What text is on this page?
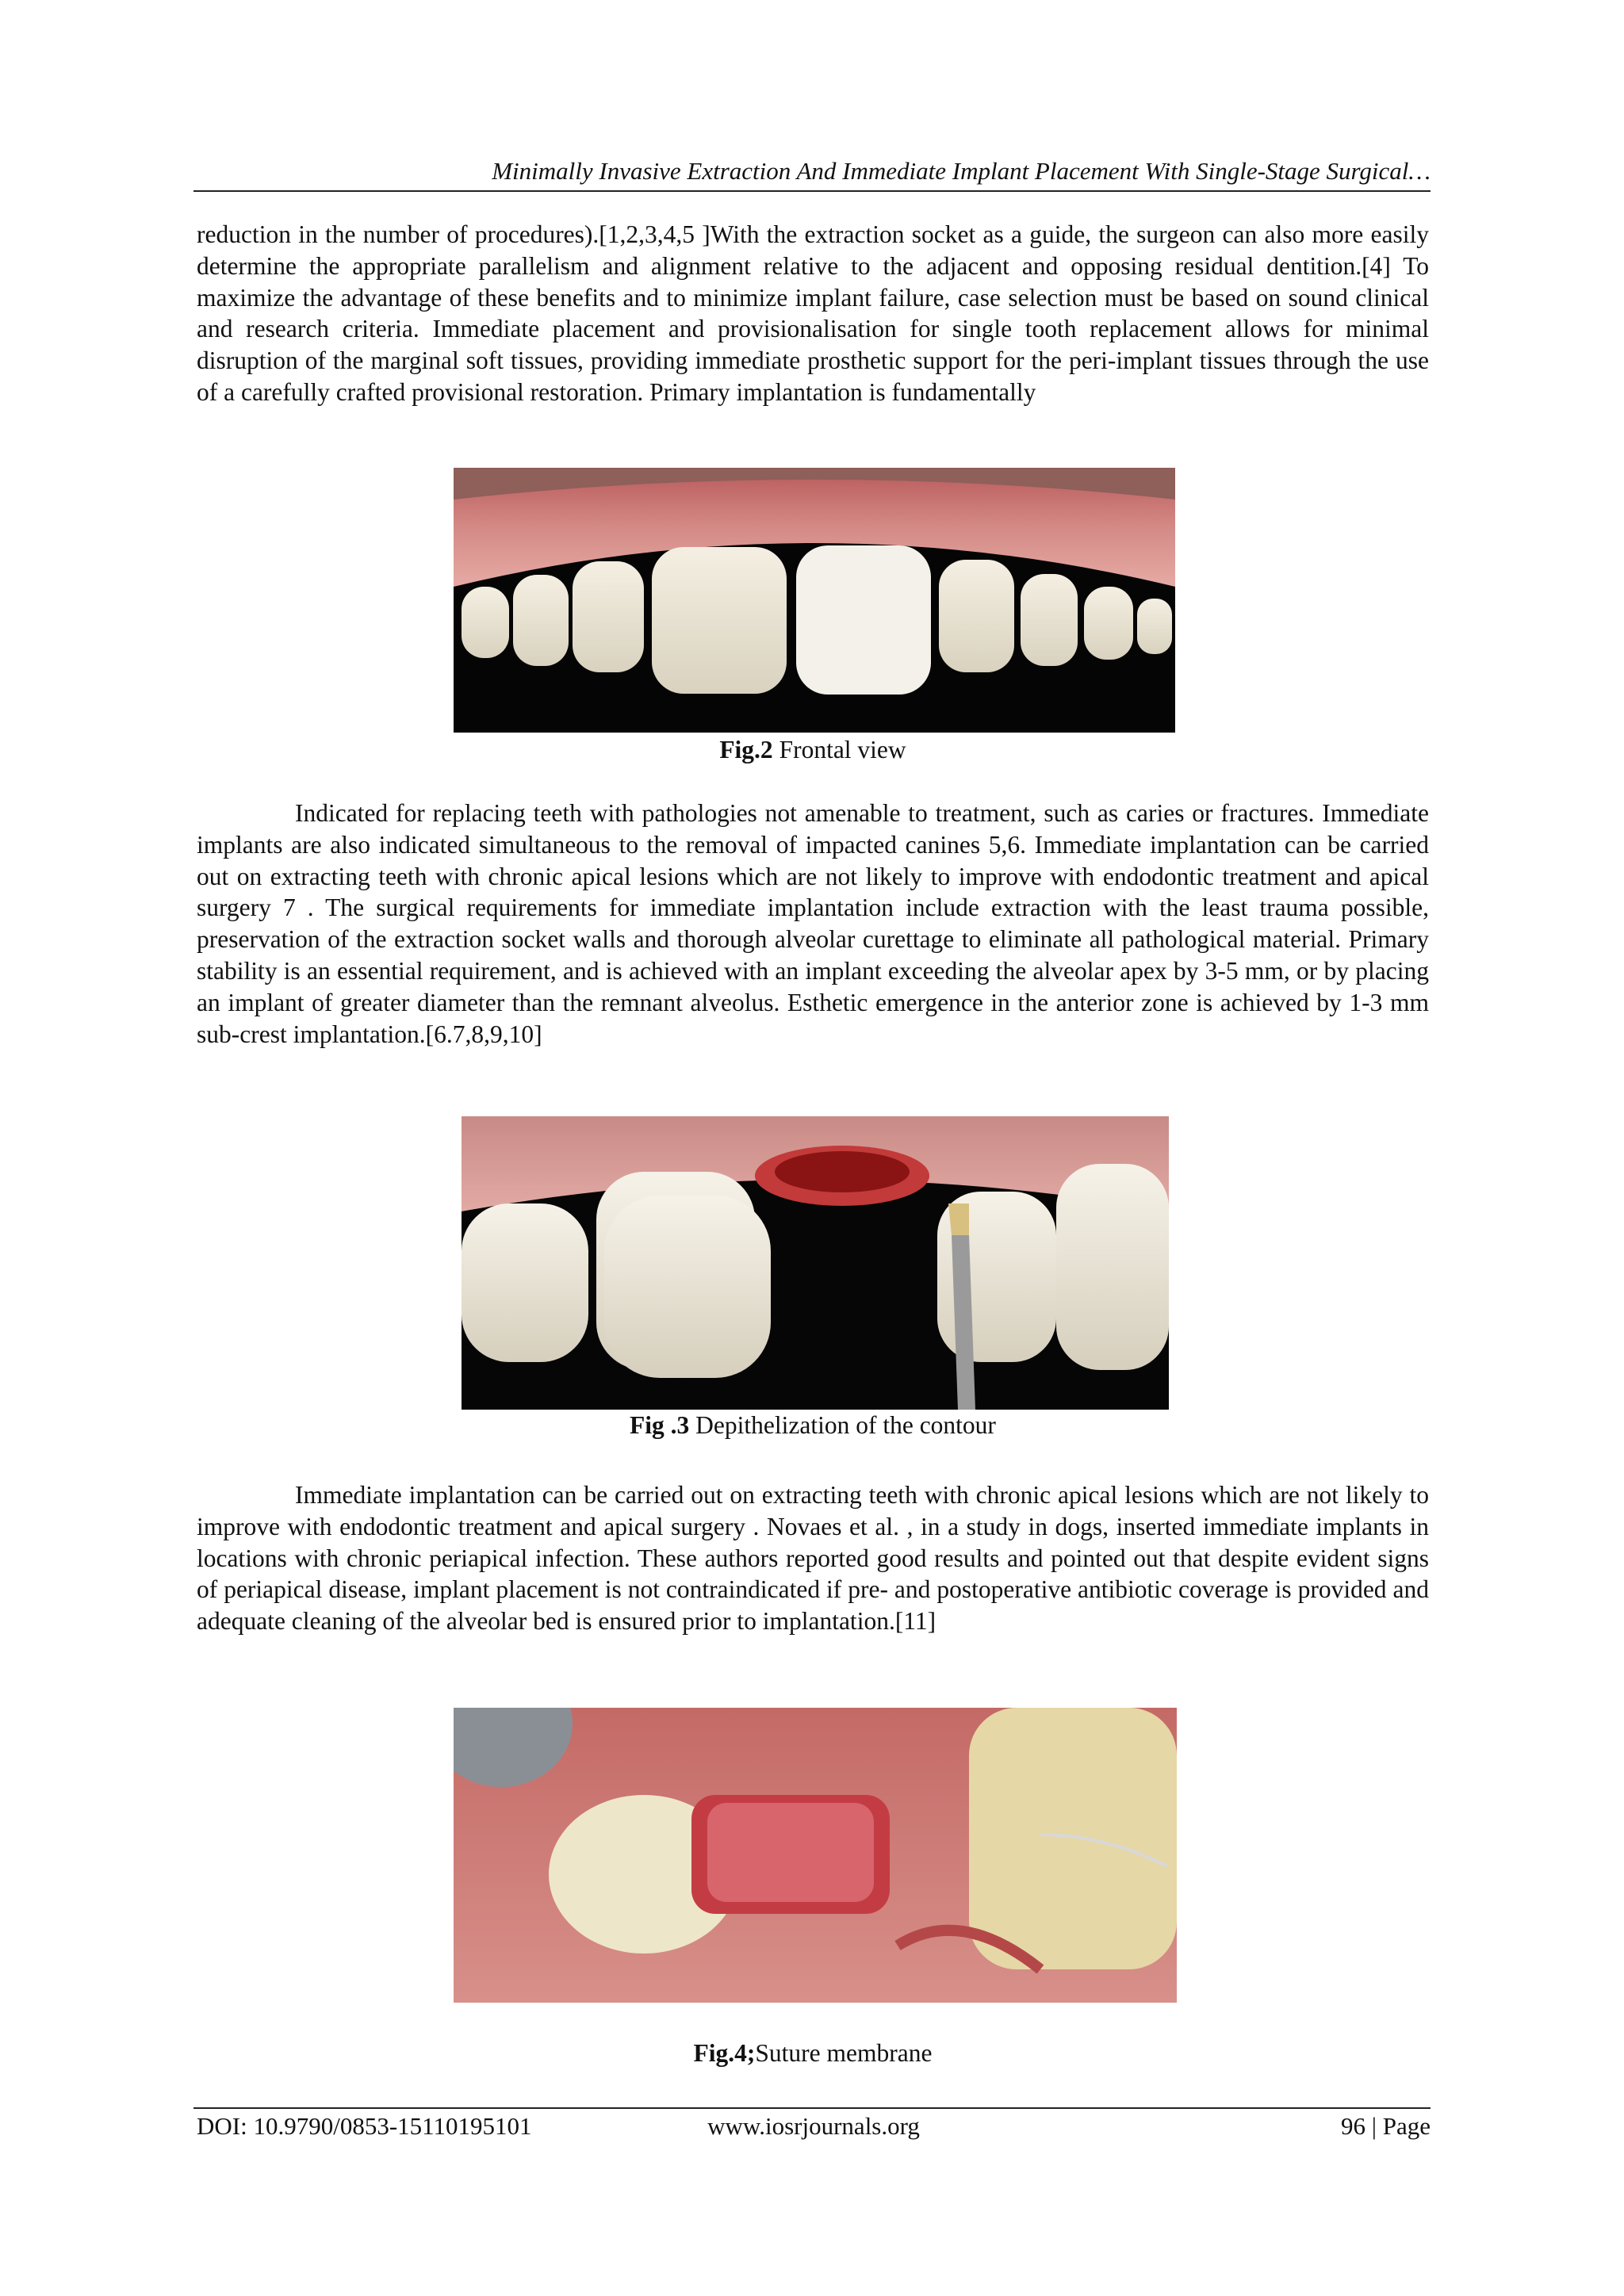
Minimally Invasive Extraction And Immediate Implant Placement With Single-Stage Surgical…

reduction in the number of procedures).[1,2,3,4,5 ]With the extraction socket as a guide, the surgeon can also more easily determine the appropriate parallelism and alignment relative to the adjacent and opposing residual dentition.[4] To maximize the advantage of these benefits and to minimize implant failure, case selection must be based on sound clinical and research criteria. Immediate placement and provisionalisation for single tooth replacement allows for minimal disruption of the marginal soft tissues, providing immediate prosthetic support for the peri-implant tissues through the use of a carefully crafted provisional restoration. Primary implantation is fundamentally

Fig.2 Frontal view

Indicated for replacing teeth with pathologies not amenable to treatment, such as caries or fractures. Immediate implants are also indicated simultaneous to the removal of impacted canines 5,6. Immediate implantation can be carried out on extracting teeth with chronic apical lesions which are not likely to improve with endodontic treatment and apical surgery 7 . The surgical requirements for immediate implantation include extraction with the least trauma possible, preservation of the extraction socket walls and thorough alveolar curettage to eliminate all pathological material. Primary stability is an essential requirement, and is achieved with an implant exceeding the alveolar apex by 3-5 mm, or by placing an implant of greater diameter than the remnant alveolus. Esthetic emergence in the anterior zone is achieved by 1-3 mm sub-crest implantation.[6.7,8,9,10]

Fig .3 Depithelization of the contour

Immediate implantation can be carried out on extracting teeth with chronic apical lesions which are not likely to improve with endodontic treatment and apical surgery . Novaes et al. , in a study in dogs, inserted immediate implants in locations with chronic periapical infection. These authors reported good results and pointed out that despite evident signs of periapical disease, implant placement is not contraindicated if pre- and postoperative antibiotic coverage is provided and adequate cleaning of the alveolar bed is ensured prior to implantation.[11]

Fig.4;Suture membrane
DOI: 10.9790/0853-15110195101	www.iosrjournals.org	96 | Page
